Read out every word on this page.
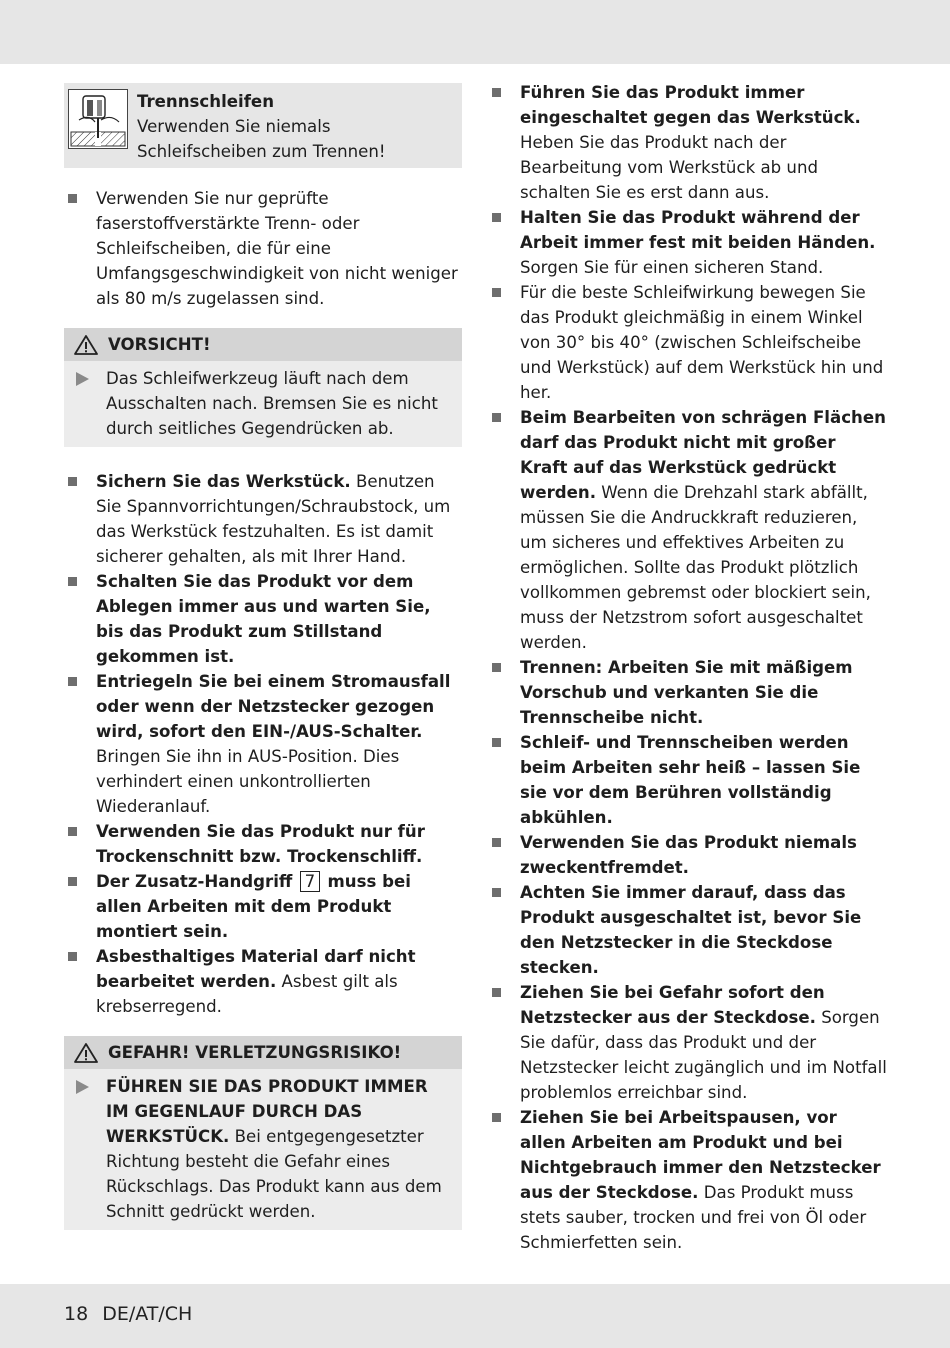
Trennschleifen
Verwenden Sie niemals Schleifscheiben zum Trennen!
Verwenden Sie nur geprüfte faserstoffverstärkte Trenn- oder Schleifscheiben, die für eine Umfangsgeschwindigkeit von nicht weniger als 80 m/s zugelassen sind.
VORSICHT!
Das Schleifwerkzeug läuft nach dem Ausschalten nach. Bremsen Sie es nicht durch seitliches Gegendrücken ab.
Sichern Sie das Werkstück. Benutzen Sie Spannvorrichtungen/Schraubstock, um das Werkstück festzuhalten. Es ist damit sicherer gehalten, als mit Ihrer Hand.
Schalten Sie das Produkt vor dem Ablegen immer aus und warten Sie, bis das Produkt zum Stillstand gekommen ist.
Entriegeln Sie bei einem Stromausfall oder wenn der Netzstecker gezogen wird, sofort den EIN-/AUS-Schalter. Bringen Sie ihn in AUS-Position. Dies verhindert einen unkontrollierten Wiederanlauf.
Verwenden Sie das Produkt nur für Trockenschnitt bzw. Trockenschliff.
Der Zusatz-Handgriff 7 muss bei allen Arbeiten mit dem Produkt montiert sein.
Asbesthaltiges Material darf nicht bearbeitet werden. Asbest gilt als krebserregend.
GEFAHR! VERLETZUNGSRISIKO!
FÜHREN SIE DAS PRODUKT IMMER IM GEGENLAUF DURCH DAS WERKSTÜCK. Bei entgegengesetzter Richtung besteht die Gefahr eines Rückschlags. Das Produkt kann aus dem Schnitt gedrückt werden.
Führen Sie das Produkt immer eingeschaltet gegen das Werkstück. Heben Sie das Produkt nach der Bearbeitung vom Werkstück ab und schalten Sie es erst dann aus.
Halten Sie das Produkt während der Arbeit immer fest mit beiden Händen. Sorgen Sie für einen sicheren Stand.
Für die beste Schleifwirkung bewegen Sie das Produkt gleichmäßig in einem Winkel von 30° bis 40° (zwischen Schleifscheibe und Werkstück) auf dem Werkstück hin und her.
Beim Bearbeiten von schrägen Flächen darf das Produkt nicht mit großer Kraft auf das Werkstück gedrückt werden. Wenn die Drehzahl stark abfällt, müssen Sie die Andruckkraft reduzieren, um sicheres und effektives Arbeiten zu ermöglichen. Sollte das Produkt plötzlich vollkommen gebremst oder blockiert sein, muss der Netzstrom sofort ausgeschaltet werden.
Trennen: Arbeiten Sie mit mäßigem Vorschub und verkanten Sie die Trennscheibe nicht.
Schleif- und Trennscheiben werden beim Arbeiten sehr heiß – lassen Sie sie vor dem Berühren vollständig abkühlen.
Verwenden Sie das Produkt niemals zweckentfremdet.
Achten Sie immer darauf, dass das Produkt ausgeschaltet ist, bevor Sie den Netzstecker in die Steckdose stecken.
Ziehen Sie bei Gefahr sofort den Netzstecker aus der Steckdose. Sorgen Sie dafür, dass das Produkt und der Netzstecker leicht zugänglich und im Notfall problemlos erreichbar sind.
Ziehen Sie bei Arbeitspausen, vor allen Arbeiten am Produkt und bei Nichtgebrauch immer den Netzstecker aus der Steckdose. Das Produkt muss stets sauber, trocken und frei von Öl oder Schmierfetten sein.
18 DE/AT/CH
